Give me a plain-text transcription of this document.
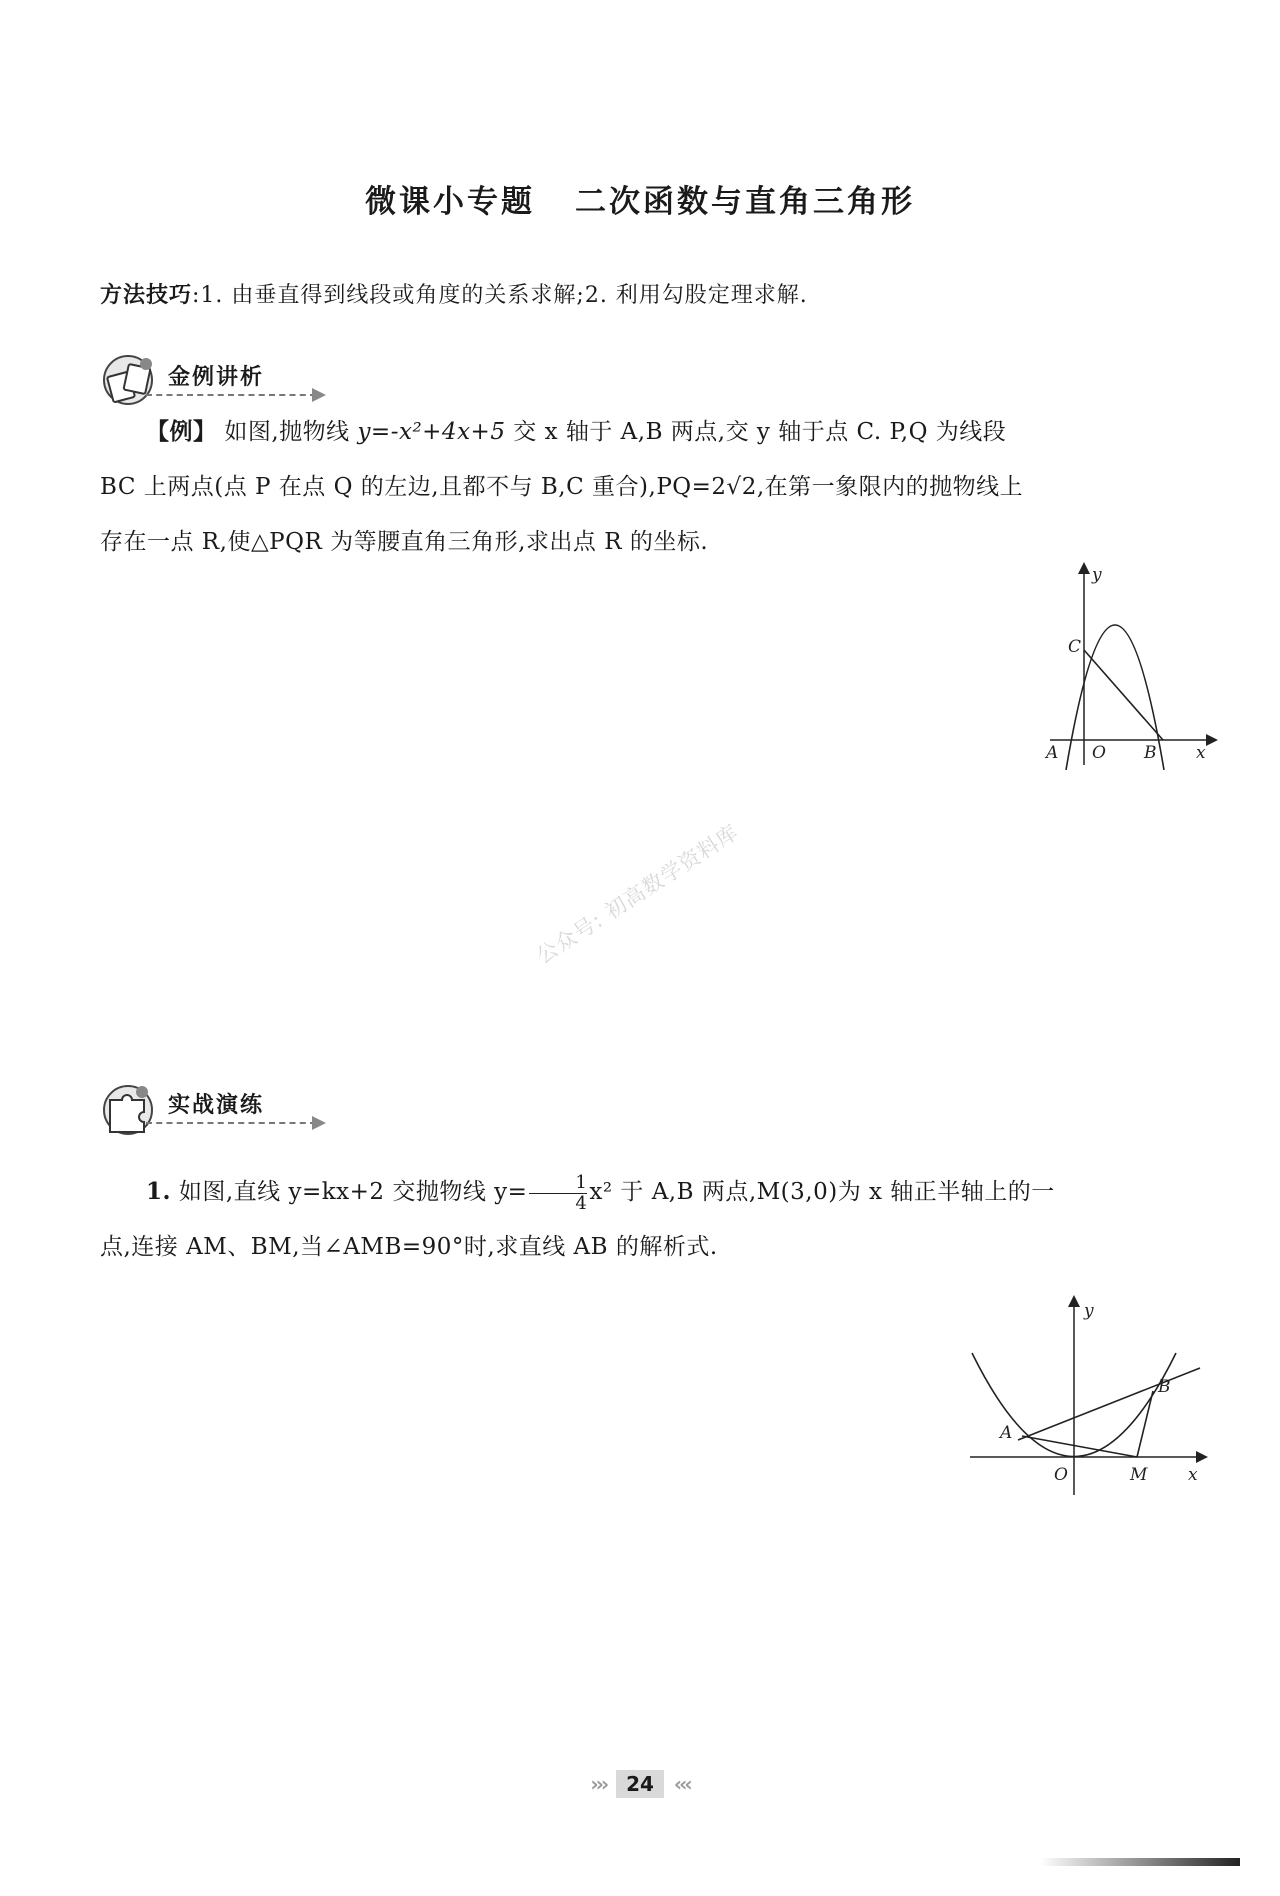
微课小专题 二次函数与直角三角形
方法技巧:1. 由垂直得到线段或角度的关系求解;2. 利用勾股定理求解.
金例讲析
【例】 如图,抛物线 y=-x²+4x+5 交 x 轴于 A,B 两点,交 y 轴于点 C. P,Q 为线段
BC 上两点(点 P 在点 Q 的左边,且都不与 B,C 重合),PQ=2√2,在第一象限内的抛物线上
存在一点 R,使△PQR 为等腰直角三角形,求出点 R 的坐标.
y
C
A O B x
公众号: 初高数学资料库
实战演练
1. 如图,直线 y=kx+2 交抛物线 $y= \frac{1}{4} x^2$ 于 A,B 两点,M(3,0)为 x 轴正半轴上的一
点,连接 AM、BM,当∠AMB=90°时,求直线 AB 的解析式.
y
B
A
O	M x
››› 24 ‹‹‹
